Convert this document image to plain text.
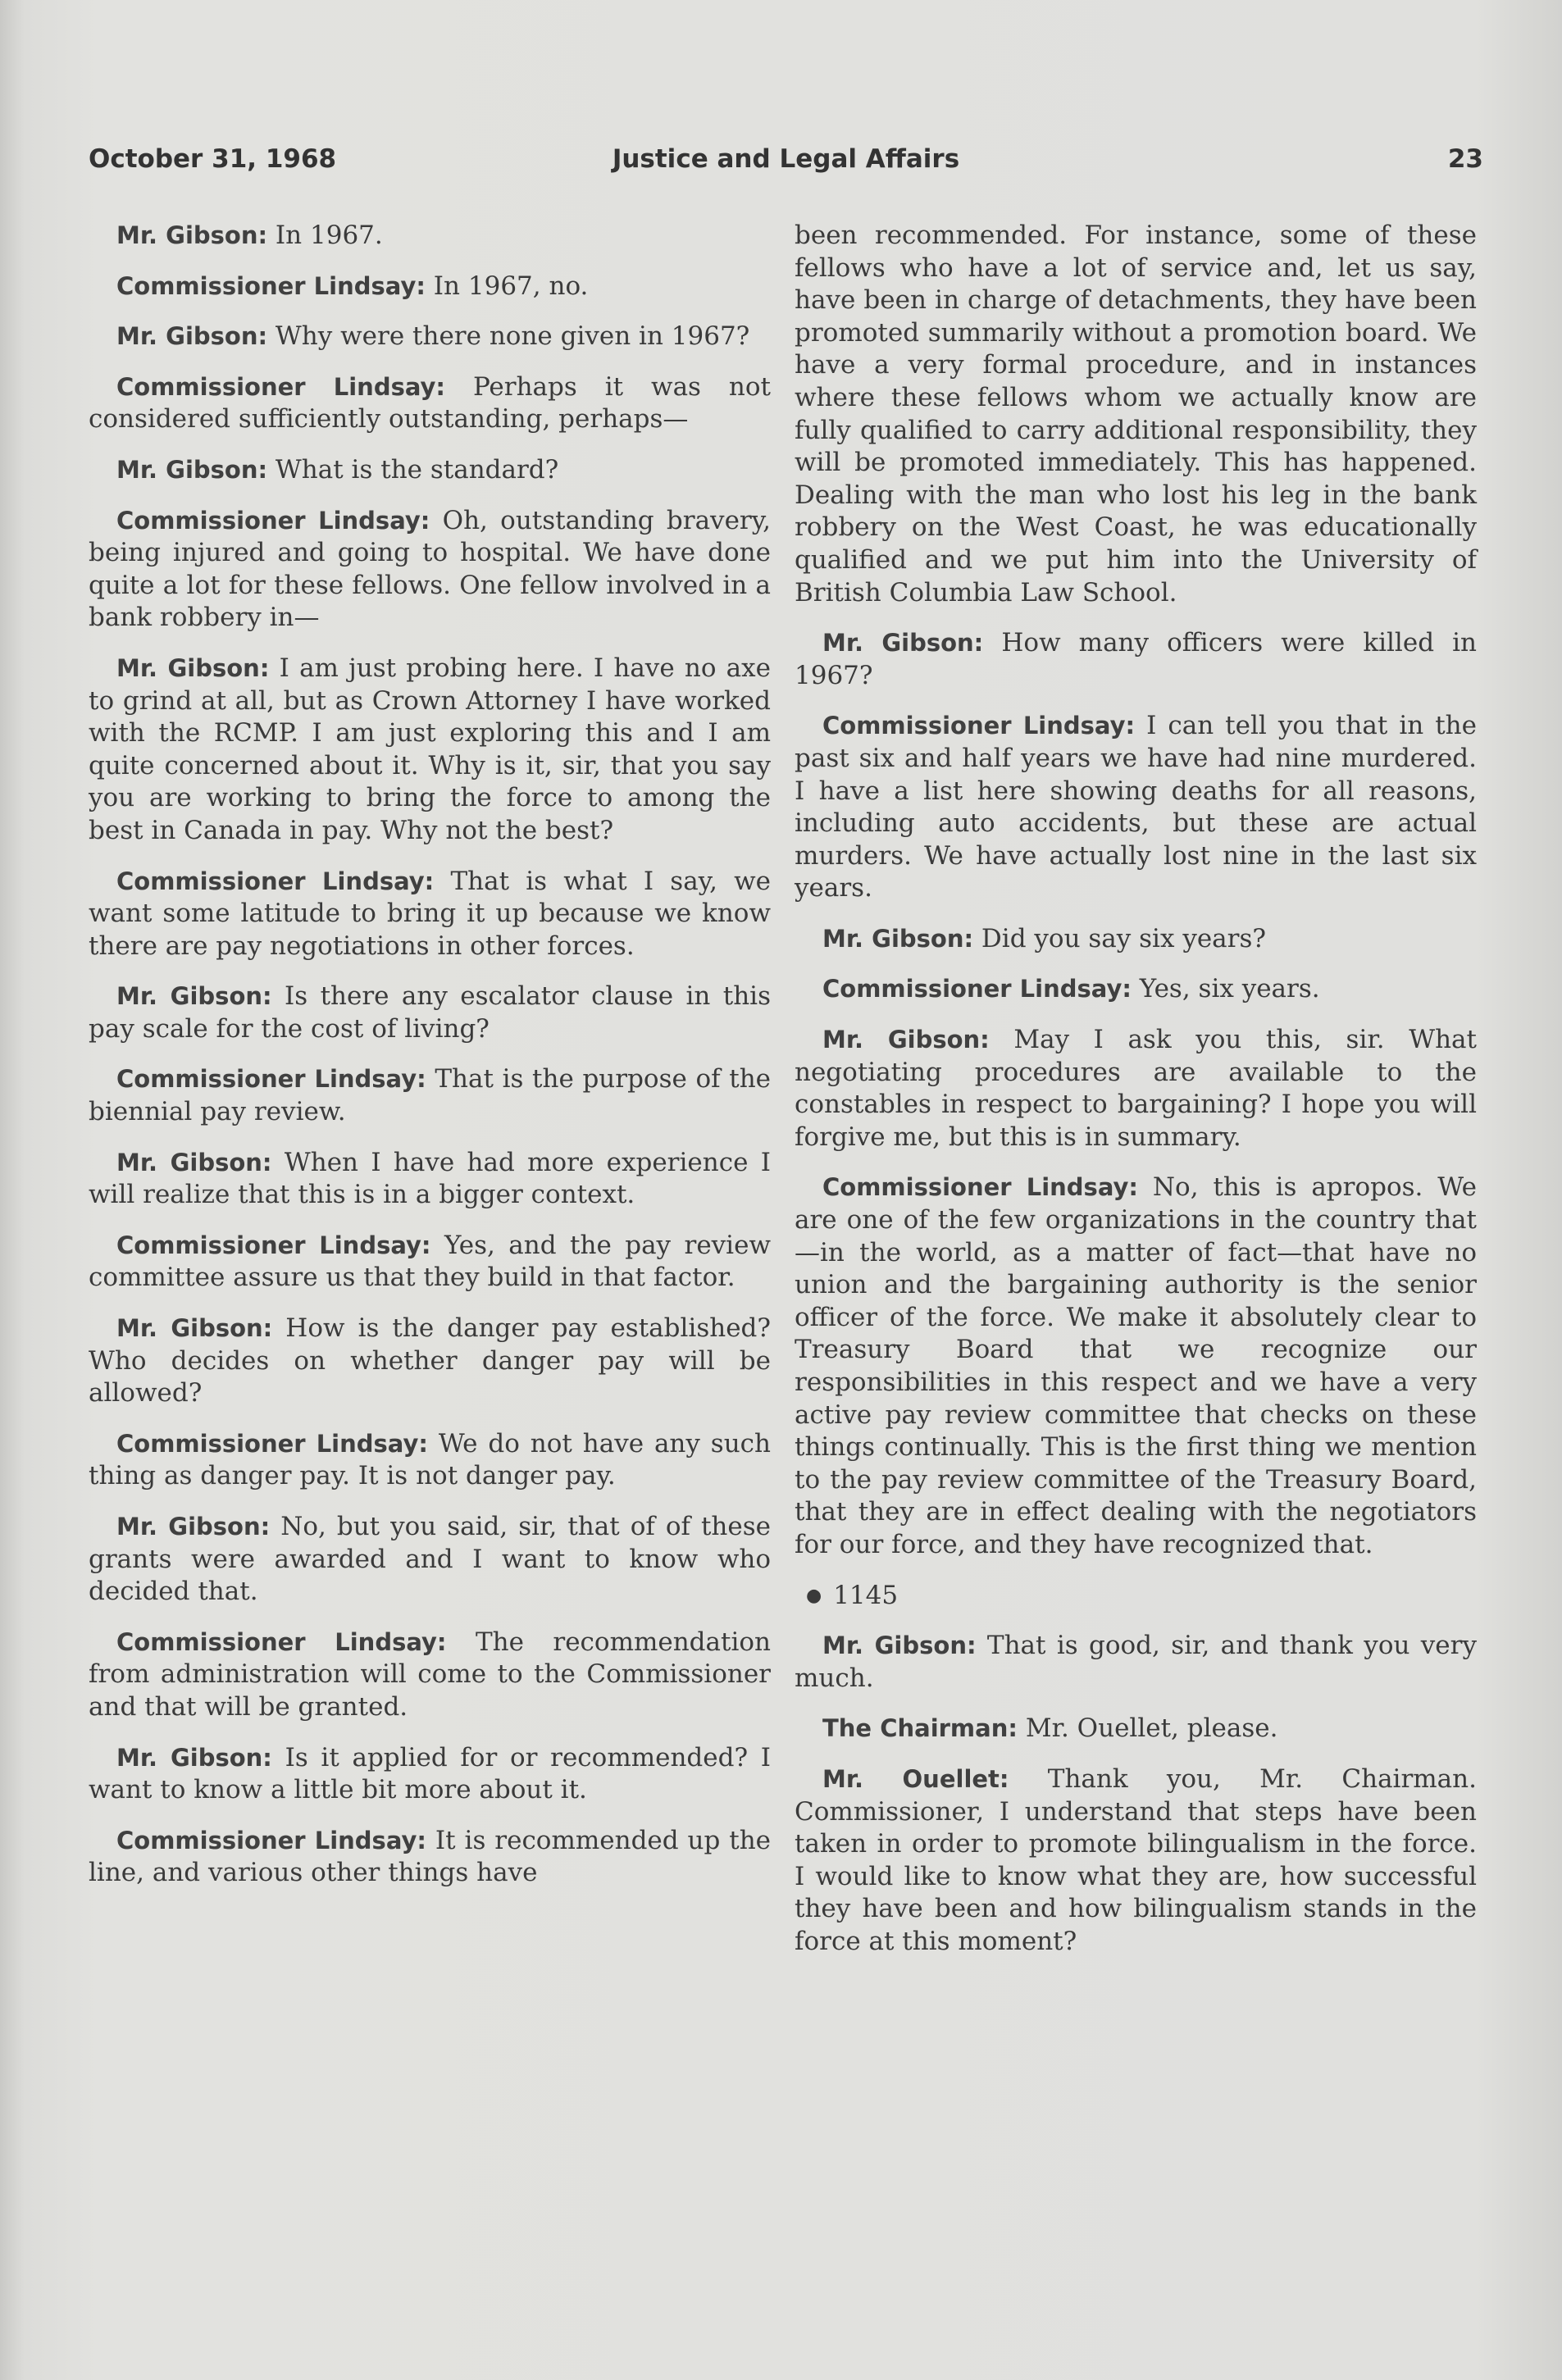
October 31, 1968	Justice and Legal Affairs	23

Mr. Gibson: In 1967.

Commissioner Lindsay: In 1967, no.

Mr. Gibson: Why were there none given in 1967?

Commissioner Lindsay: Perhaps it was not considered sufficiently outstanding, perhaps—

Mr. Gibson: What is the standard?

Commissioner Lindsay: Oh, outstanding bravery, being injured and going to hospital. We have done quite a lot for these fellows. One fellow involved in a bank robbery in—

Mr. Gibson: I am just probing here. I have no axe to grind at all, but as Crown Attorney I have worked with the RCMP. I am just exploring this and I am quite concerned about it. Why is it, sir, that you say you are working to bring the force to among the best in Canada in pay. Why not the best?

Commissioner Lindsay: That is what I say, we want some latitude to bring it up because we know there are pay negotiations in other forces.

Mr. Gibson: Is there any escalator clause in this pay scale for the cost of living?

Commissioner Lindsay: That is the purpose of the biennial pay review.

Mr. Gibson: When I have had more experience I will realize that this is in a bigger context.

Commissioner Lindsay: Yes, and the pay review committee assure us that they build in that factor.

Mr. Gibson: How is the danger pay established? Who decides on whether danger pay will be allowed?

Commissioner Lindsay: We do not have any such thing as danger pay. It is not danger pay.

Mr. Gibson: No, but you said, sir, that of of these grants were awarded and I want to know who decided that.

Commissioner Lindsay: The recommendation from administration will come to the Commissioner and that will be granted.

Mr. Gibson: Is it applied for or recommended? I want to know a little bit more about it.

Commissioner Lindsay: It is recommended up the line, and various other things have

been recommended. For instance, some of these fellows who have a lot of service and, let us say, have been in charge of detachments, they have been promoted summarily without a promotion board. We have a very formal procedure, and in instances where these fellows whom we actually know are fully qualified to carry additional responsibility, they will be promoted immediately. This has happened. Dealing with the man who lost his leg in the bank robbery on the West Coast, he was educationally qualified and we put him into the University of British Columbia Law School.

Mr. Gibson: How many officers were killed in 1967?

Commissioner Lindsay: I can tell you that in the past six and half years we have had nine murdered. I have a list here showing deaths for all reasons, including auto accidents, but these are actual murders. We have actually lost nine in the last six years.

Mr. Gibson: Did you say six years?

Commissioner Lindsay: Yes, six years.

Mr. Gibson: May I ask you this, sir. What negotiating procedures are available to the constables in respect to bargaining? I hope you will forgive me, but this is in summary.

Commissioner Lindsay: No, this is apropos. We are one of the few organizations in the country that—in the world, as a matter of fact—that have no union and the bargaining authority is the senior officer of the force. We make it absolutely clear to Treasury Board that we recognize our responsibilities in this respect and we have a very active pay review committee that checks on these things continually. This is the first thing we mention to the pay review committee of the Treasury Board, that they are in effect dealing with the negotiators for our force, and they have recognized that.

● 1145

Mr. Gibson: That is good, sir, and thank you very much.

The Chairman: Mr. Ouellet, please.

Mr. Ouellet: Thank you, Mr. Chairman. Commissioner, I understand that steps have been taken in order to promote bilingualism in the force. I would like to know what they are, how successful they have been and how bilingualism stands in the force at this moment?
